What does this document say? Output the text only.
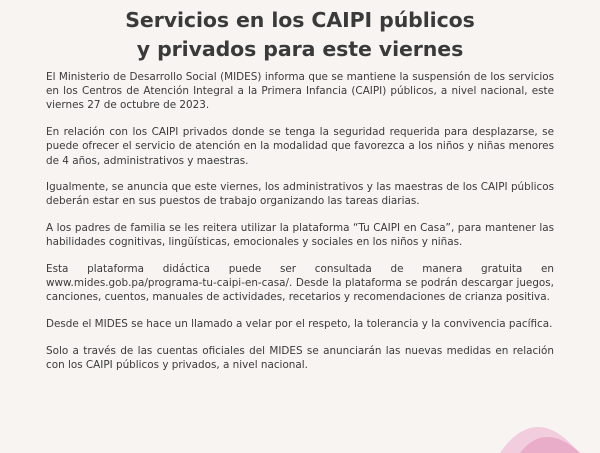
Servicios en los CAIPI públicos
y privados para este viernes

El Ministerio de Desarrollo Social (MIDES) informa que se mantiene la suspensión de los servicios en los Centros de Atención Integral a la Primera Infancia (CAIPI) públicos, a nivel nacional, este viernes 27 de octubre de 2023.

En relación con los CAIPI privados donde se tenga la seguridad requerida para desplazarse, se puede ofrecer el servicio de atención en la modalidad que favorezca a los niños y niñas menores de 4 años, administrativos y maestras.

Igualmente, se anuncia que este viernes, los administrativos y las maestras de los CAIPI públicos deberán estar en sus puestos de trabajo organizando las tareas diarias.

A los padres de familia se les reitera utilizar la plataforma “Tu CAIPI en Casa”, para mantener las habilidades cognitivas, lingüísticas, emocionales y sociales en los niños y niñas.

Esta plataforma didáctica puede ser consultada de manera gratuita en www.mides.gob.pa/programa-tu-caipi-en-casa/. Desde la plataforma se podrán descargar juegos, canciones, cuentos, manuales de actividades, recetarios y recomendaciones de crianza positiva.

Desde el MIDES se hace un llamado a velar por el respeto, la tolerancia y la convivencia pacífica.

Solo a través de las cuentas oficiales del MIDES se anunciarán las nuevas medidas en relación con los CAIPI públicos y privados, a nivel nacional.
